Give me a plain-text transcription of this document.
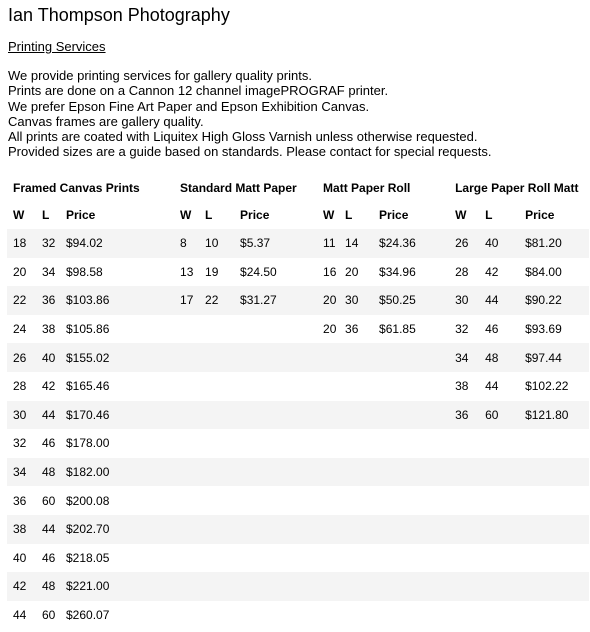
Ian Thompson Photography
Printing Services
We provide printing services for gallery quality prints.
Prints are done on a Cannon 12 channel imagePROGRAF printer.
We prefer Epson Fine Art Paper and Epson Exhibition Canvas.
Canvas frames are gallery quality.
All prints are coated with Liquitex High Gloss Varnish unless otherwise requested.
Provided sizes are a guide based on standards. Please contact for special requests.
Framed Canvas Prints			Standard Matt Paper			Matt Paper Roll			Large Paper Roll Matt		
W	L	Price	W	L	Price	W	L	Price	W	L	Price
18	32	$94.02	8	10	$5.37	11	14	$24.36	26	40	$81.20
20	34	$98.58	13	19	$24.50	16	20	$34.96	28	42	$84.00
22	36	$103.86	17	22	$31.27	20	30	$50.25	30	44	$90.22
24	38	$105.86				20	36	$61.85	32	46	$93.69
26	40	$155.02							34	48	$97.44
28	42	$165.46							38	44	$102.22
30	44	$170.46							36	60	$121.80
32	46	$178.00									
34	48	$182.00									
36	60	$200.08									
38	44	$202.70									
40	46	$218.05									
42	48	$221.00									
44	60	$260.07									
